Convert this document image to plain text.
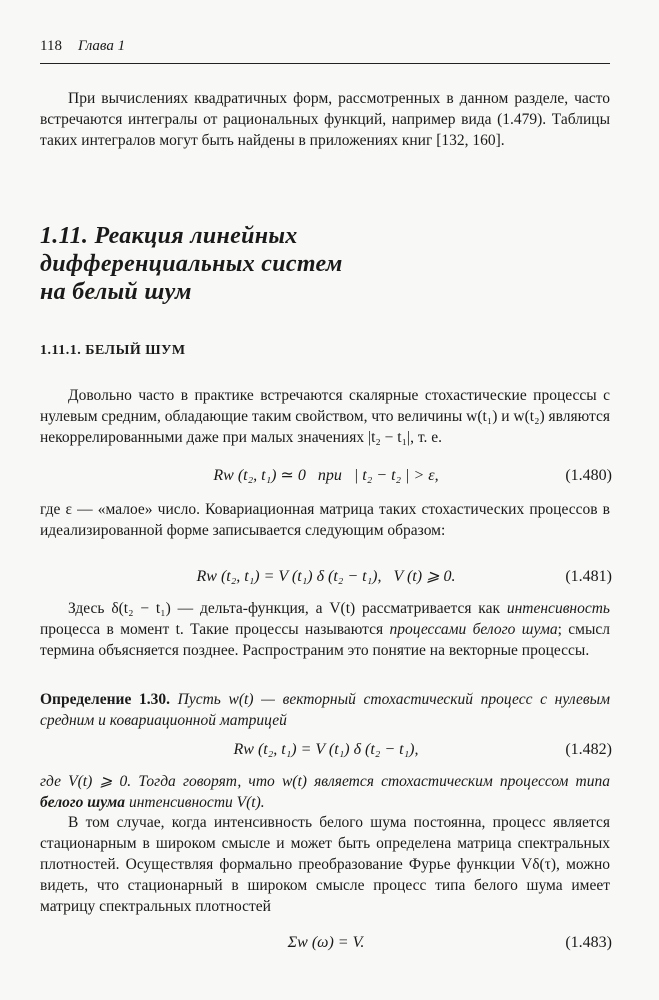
118 Глава 1

При вычислениях квадратичных форм, рассмотренных в данном разделе, часто встречаются интегралы от рациональных функций, например вида (1.479). Таблицы таких интегралов могут быть найдены в приложениях книг [132, 160].

1.11. Реакция линейных
дифференциальных систем
на белый шум
1.11.1. БЕЛЫЙ ШУМ

Довольно часто в практике встречаются скалярные стохастические процессы с нулевым средним, обладающие таким свойством, что величины w(t₁) и w(t₂) являются некоррелированными даже при малых значениях |t₂ − t₁|, т. е.

Rw (t₂, t₁) ≃ 0   при   | t₂ − t₂ | > ε,	(1.480)

где ε — «малое» число. Ковариационная матрица таких стохастических процессов в идеализированной форме записывается следующим образом:

Rw (t₂, t₁) = V (t₁) δ (t₂ − t₁),   V (t) ⩾ 0.	(1.481)

Здесь δ(t₂ − t₁) — дельта-функция, а V(t) рассматривается как интенсивность процесса в момент t. Такие процессы называются процессами белого шума; смысл термина объясняется позднее. Распространим это понятие на векторные процессы.

Определение 1.30. Пусть w(t) — векторный стохастический процесс с нулевым средним и ковариационной матрицей

Rw (t₂, t₁) = V (t₁) δ (t₂ − t₁),	(1.482)

где V(t) ⩾ 0. Тогда говорят, что w(t) является стохастическим процессом типа белого шума интенсивности V(t).

В том случае, когда интенсивность белого шума постоянна, процесс является стационарным в широком смысле и может быть определена матрица спектральных плотностей. Осуществляя формально преобразование Фурье функции Vδ(τ), можно видеть, что стационарный в широком смысле процесс типа белого шума имеет матрицу спектральных плотностей

Σw (ω) = V.	(1.483)
